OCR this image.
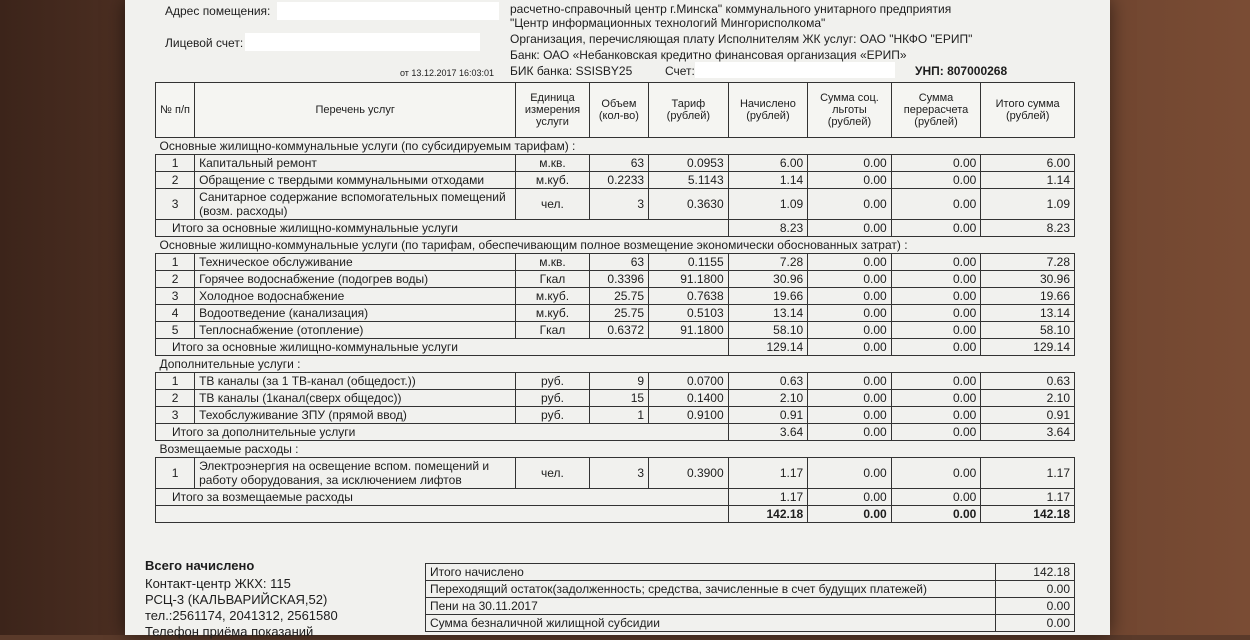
Адрес помещения:
Лицевой счет:
от 13.12.2017 16:03:01
расчетно-справочный центр г.Минска" коммунального унитарного предприятия
"Центр информационных технологий Мингорисполкома"
Организация, перечисляющая плату Исполнителям ЖК услуг: ОАО "НКФО "ЕРИП"
Банк: ОАО «Небанковская кредитно финансовая организация «ЕРИП»
БИК банка: SSISBY25	Счет:	УНП: 807000268
№ п/п	Перечень услуг	Единица измерения услуги	Объем (кол-во)	Тариф (рублей)	Начислено (рублей)	Сумма соц. льготы (рублей)	Сумма перерасчета (рублей)	Итого сумма (рублей)
Основные жилищно-коммунальные услуги (по субсидируемым тарифам) :								
1	Капитальный ремонт	м.кв.	63	0.0953	6.00	0.00	0.00	6.00
2	Обращение с твердыми коммунальными отходами	м.куб.	0.2233	5.1143	1.14	0.00	0.00	1.14
3	Санитарное содержание вспомогательных помещений (возм. расходы)	чел.	3	0.3630	1.09	0.00	0.00	1.09
Итого за основные жилищно-коммунальные услуги					8.23	0.00	0.00	8.23
Основные жилищно-коммунальные услуги (по тарифам, обеспечивающим полное возмещение экономически обоснованных затрат) :								
1	Техническое обслуживание	м.кв.	63	0.1155	7.28	0.00	0.00	7.28
2	Горячее водоснабжение (подогрев воды)	Гкал	0.3396	91.1800	30.96	0.00	0.00	30.96
3	Холодное водоснабжение	м.куб.	25.75	0.7638	19.66	0.00	0.00	19.66
4	Водоотведение (канализация)	м.куб.	25.75	0.5103	13.14	0.00	0.00	13.14
5	Теплоснабжение (отопление)	Гкал	0.6372	91.1800	58.10	0.00	0.00	58.10
Итого за основные жилищно-коммунальные услуги					129.14	0.00	0.00	129.14
Дополнительные услуги :								
1	ТВ каналы (за 1 ТВ-канал (общедост.))	руб.	9	0.0700	0.63	0.00	0.00	0.63
2	ТВ каналы (1канал(сверх общедос))	руб.	15	0.1400	2.10	0.00	0.00	2.10
3	Техобслуживание ЗПУ (прямой ввод)	руб.	1	0.9100	0.91	0.00	0.00	0.91
Итого за дополнительные услуги					3.64	0.00	0.00	3.64
Возмещаемые расходы :								
1	Электроэнергия на освещение вспом. помещений и работу оборудования, за исключением лифтов	чел.	3	0.3900	1.17	0.00	0.00	1.17
Итого за возмещаемые расходы					1.17	0.00	0.00	1.17
					142.18	0.00	0.00	142.18
Всего начислено
Контакт-центр ЖКХ: 115
РСЦ-3 (КАЛЬВАРИЙСКАЯ,52)
тел.:2561174, 2041312, 2561580
Телефон приёма показаний
Итого начислено	142.18
Переходящий остаток(задолженность; средства, зачисленные в счет будущих платежей)	0.00
Пени на 30.11.2017	0.00
Сумма безналичной жилищной субсидии	0.00
